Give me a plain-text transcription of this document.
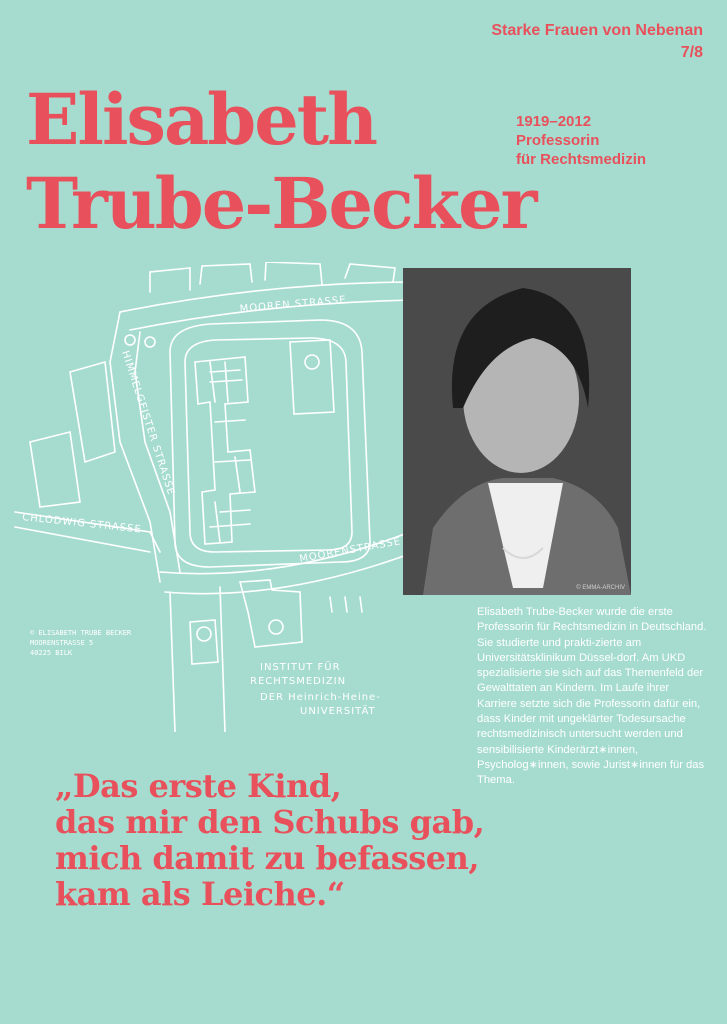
Starke Frauen von Nebenan
7/8
Elisabeth
Trube-Becker
1919–2012
Professorin
für Rechtsmedizin
MOOREN STRASSE
HIMMELGEISTER STRASSE
CHLODWIG STRASSE
MOORENSTRASSE
INSTITUT FÜR
RECHTSMEDIZIN
DER Heinrich-Heine-
UNIVERSITÄT
© ELISABETH TRUBE BECKER
MOORENSTRASSE 5
40225 BILK
© EMMA-ARCHIV
Elisabeth Trube-Becker wurde die erste Professorin für Rechtsmedizin in Deutschland. Sie studierte und prakti-zierte am Universitätsklinikum Düssel-dorf. Am UKD spezialisierte sie sich auf das Themenfeld der Gewalttaten an Kindern. Im Laufe ihrer Karriere setzte sich die Professorin dafür ein, dass Kinder mit ungeklärter Todesursache rechtsmedizinisch untersucht werden und sensibilisierte Kinderärzt∗innen, Psycholog∗innen, sowie Jurist∗innen für das Thema.
„Das erste Kind,
das mir den Schubs gab,
mich damit zu befassen,
kam als Leiche.“
